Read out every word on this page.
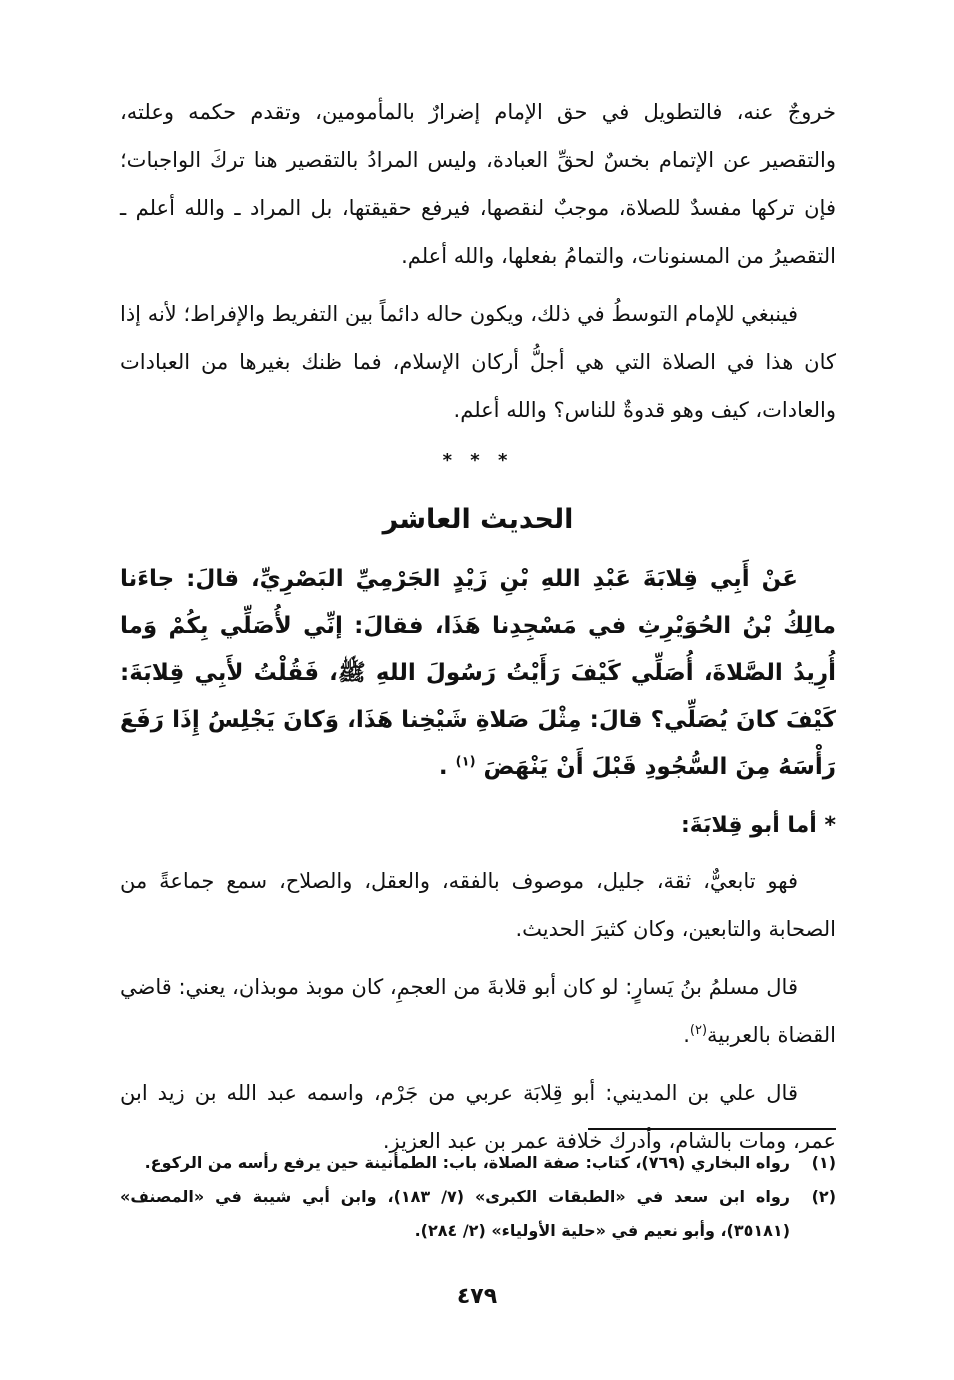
خروجٌ عنه، فالتطويل في حق الإمام إضرارٌ بالمأمومين، وتقدم حكمه وعلته، والتقصير عن الإتمام بخسٌ لحقِّ العبادة، وليس المرادُ بالتقصير هنا تركَ الواجبات؛ فإن تركها مفسدٌ للصلاة، موجبٌ لنقصها، فيرفع حقيقتها، بل المراد ـ والله أعلم ـ التقصيرُ من المسنونات، والتمامُ بفعلها، والله أعلم.

فينبغي للإمام التوسطُ في ذلك، ويكون حاله دائماً بين التفريط والإفراط؛ لأنه إذا كان هذا في الصلاة التي هي أجلُّ أركان الإسلام، فما ظنك بغيرها من العبادات والعادات، كيف وهو قدوةٌ للناس؟ والله أعلم.

* * *
الحديث العاشر

عَنْ أَبِي قِلابَةَ عَبْدِ اللهِ بْنِ زَيْدٍ الجَرْمِيِّ البَصْرِيِّ، قالَ: جاءَنا مالِكُ بْنُ الحُوَيْرِثِ في مَسْجِدِنا هَذَا، فقالَ: إنِّي لأُصَلِّي بِكُمْ وَما أُرِيدُ الصَّلاةَ، أُصَلِّي كَيْفَ رَأَيْتُ رَسُولَ اللهِ ﷺ، فَقُلْتُ لأَبِي قِلابَةَ: كَيْفَ كانَ يُصَلِّي؟ قالَ: مِثْلَ صَلاةِ شَيْخِنا هَذَا، وَكانَ يَجْلِسُ إِذَا رَفَعَ رَأْسَهُ مِنَ السُّجُودِ قَبْلَ أَنْ يَنْهَضَ $^{(١)}$ .

* أما أبو قِلابَةَ:

فهو تابعيٌّ، ثقة، جليل، موصوف بالفقه، والعقل، والصلاح، سمع جماعةً من الصحابة والتابعين، وكان كثيرَ الحديث.

قال مسلمُ بنُ يَسارٍ: لو كان أبو قلابةَ من العجمِ، كان موبذ موبذان، يعني: قاضي القضاة بالعربية$^{(٢)}$.

قال علي بن المديني: أبو قِلابَة عربي من جَرْم، واسمه عبد الله بن زيد ابن عمر، ومات بالشام، وأدرك خلافة عمر بن عبد العزيز.

(١)
رواه البخاري (٧٦٩)، كتاب: صفة الصلاة، باب: الطمأنينة حين يرفع رأسه من الركوع.
(٢)
رواه ابن سعد في «الطبقات الكبرى» (٧/ ١٨٣)، وابن أبي شيبة في «المصنف» (٣٥١٨١)، وأبو نعيم في «حلية الأولياء» (٢/ ٢٨٤).
٤٧٩
